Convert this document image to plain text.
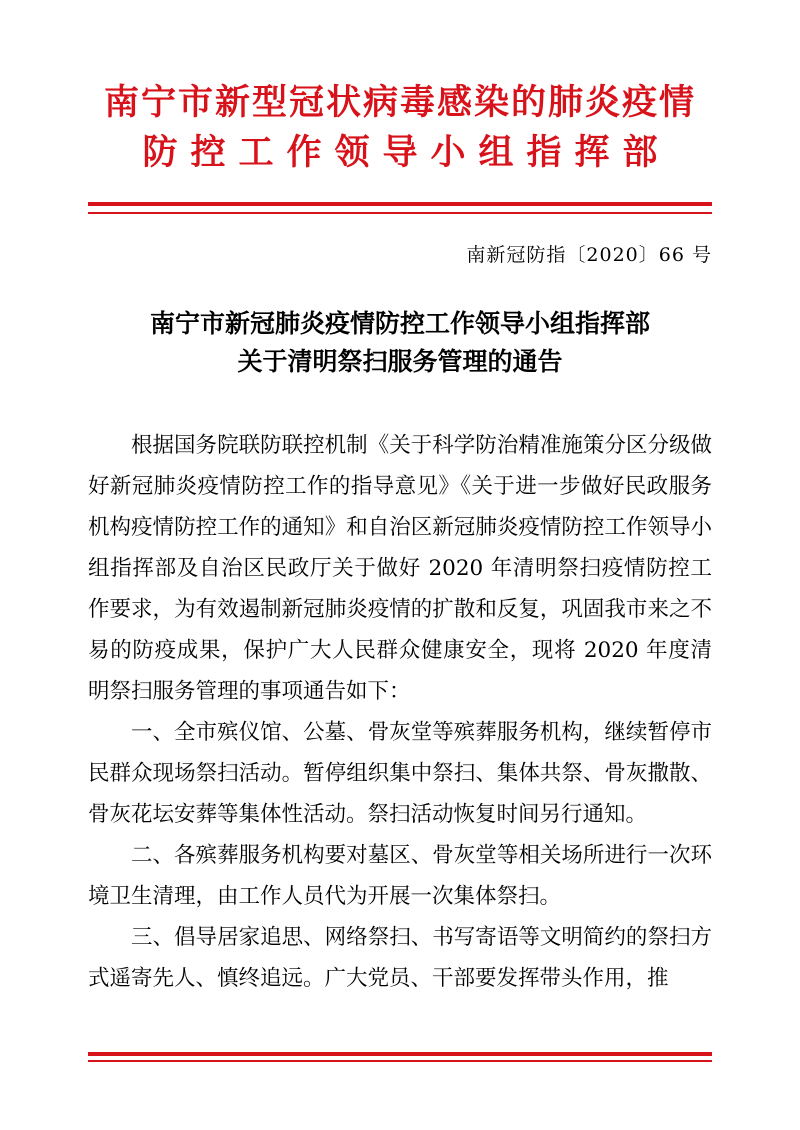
南宁市新型冠状病毒感染的肺炎疫情
防控工作领导小组指挥部
南新冠防指〔2020〕66 号
南宁市新冠肺炎疫情防控工作领导小组指挥部
关于清明祭扫服务管理的通告

根据国务院联防联控机制《关于科学防治精准施策分区分级做好新冠肺炎疫情防控工作的指导意见》《关于进一步做好民政服务机构疫情防控工作的通知》和自治区新冠肺炎疫情防控工作领导小组指挥部及自治区民政厅关于做好 2020 年清明祭扫疫情防控工作要求，为有效遏制新冠肺炎疫情的扩散和反复，巩固我市来之不易的防疫成果，保护广大人民群众健康安全，现将 2020 年度清明祭扫服务管理的事项通告如下：

一、全市殡仪馆、公墓、骨灰堂等殡葬服务机构，继续暂停市民群众现场祭扫活动。暂停组织集中祭扫、集体共祭、骨灰撒散、骨灰花坛安葬等集体性活动。祭扫活动恢复时间另行通知。

二、各殡葬服务机构要对墓区、骨灰堂等相关场所进行一次环境卫生清理，由工作人员代为开展一次集体祭扫。

三、倡导居家追思、网络祭扫、书写寄语等文明简约的祭扫方式遥寄先人、慎终追远。广大党员、干部要发挥带头作用，推
